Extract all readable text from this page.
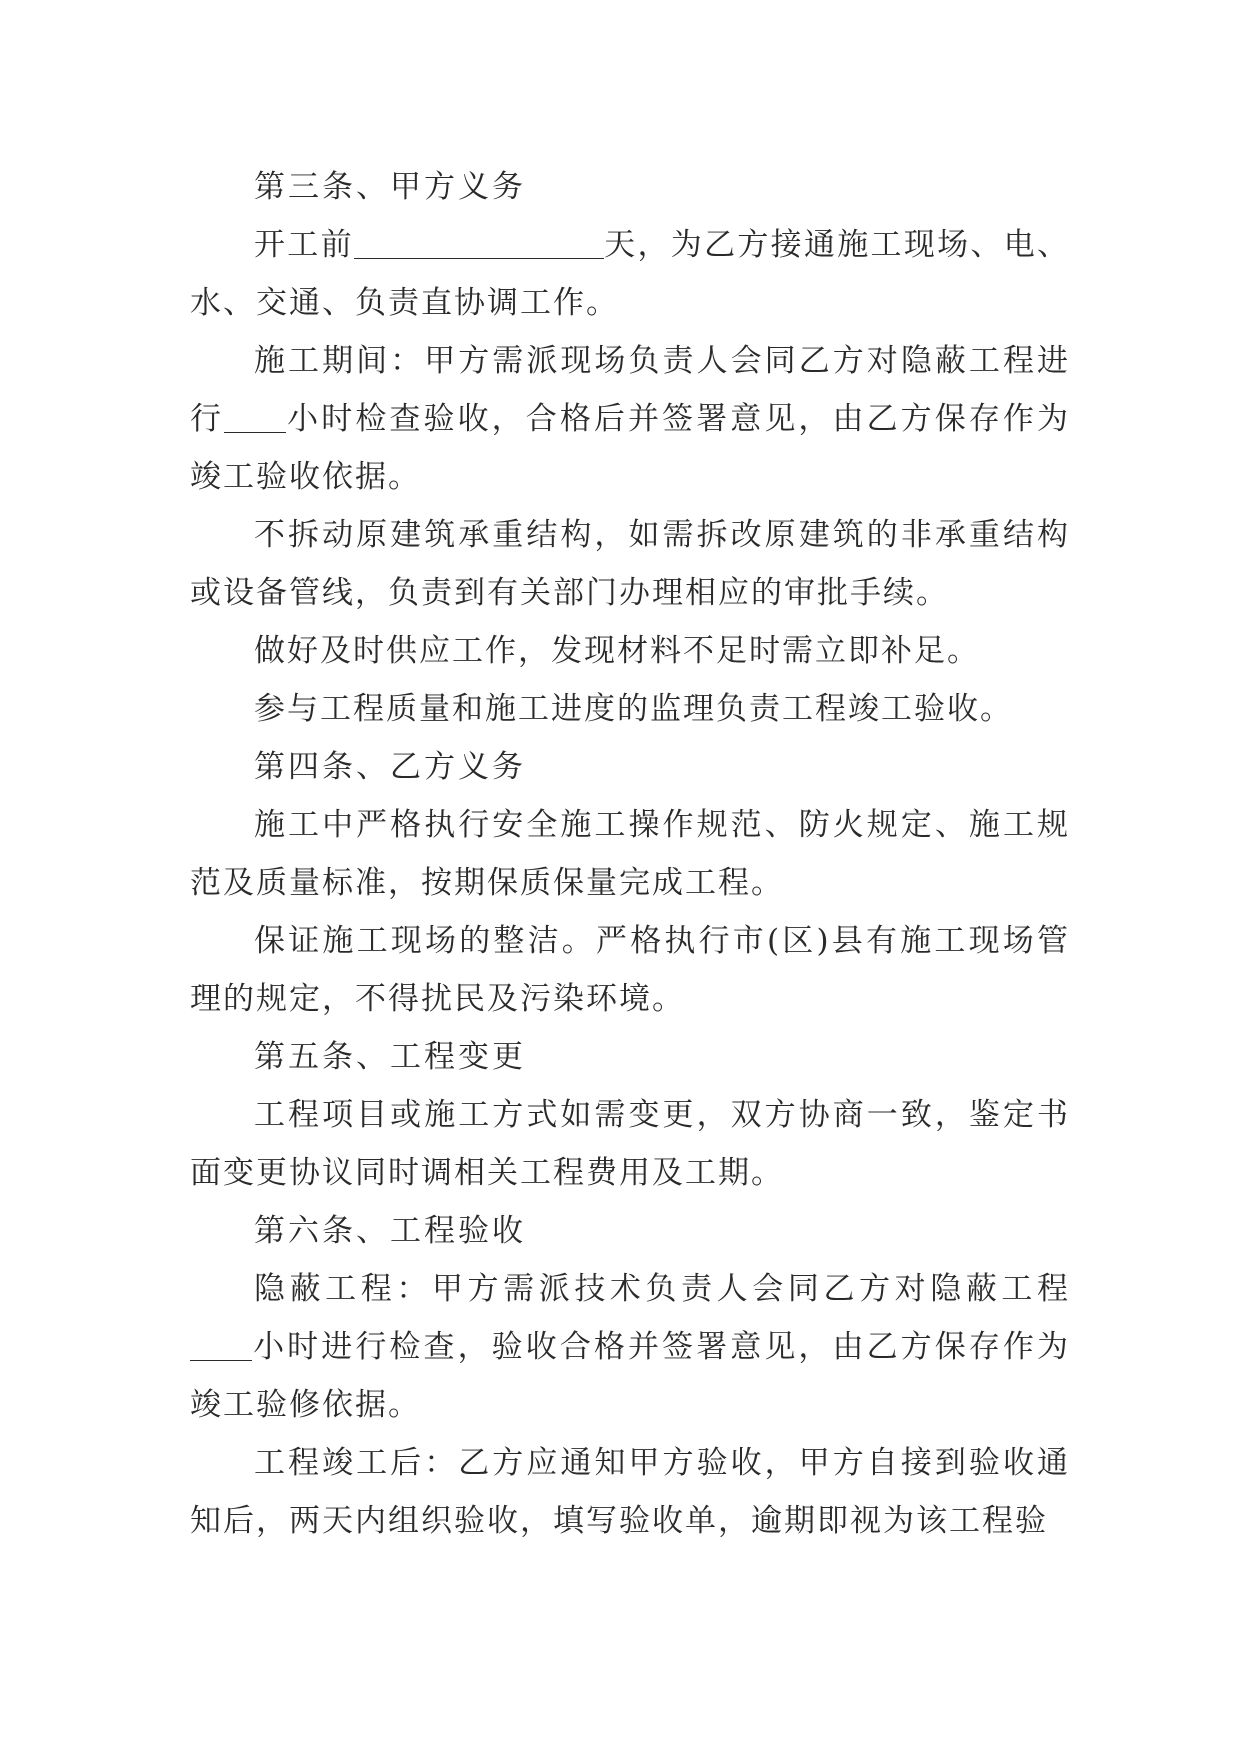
第三条、甲方义务

开工前	天，为乙方接通施工现场、电、水、交通、负责直协调工作。

施工期间：甲方需派现场负责人会同乙方对隐蔽工程进行 小时检查验收，合格后并签署意见，由乙方保存作为竣工验收依据。

不拆动原建筑承重结构，如需拆改原建筑的非承重结构或设备管线，负责到有关部门办理相应的审批手续。

做好及时供应工作，发现材料不足时需立即补足。

参与工程质量和施工进度的监理负责工程竣工验收。

第四条、乙方义务

施工中严格执行安全施工操作规范、防火规定、施工规范及质量标准，按期保质保量完成工程。

保证施工现场的整洁。严格执行市(区)县有施工现场管理的规定，不得扰民及污染环境。

第五条、工程变更

工程项目或施工方式如需变更，双方协商一致，鉴定书面变更协议同时调相关工程费用及工期。

第六条、工程验收

隐蔽工程：甲方需派技术负责人会同乙方对隐蔽工程小时进行检查，验收合格并签署意见，由乙方保存作为竣工验修依据。

工程竣工后：乙方应通知甲方验收，甲方自接到验收通知后，两天内组织验收，填写验收单，逾期即视为该工程验
